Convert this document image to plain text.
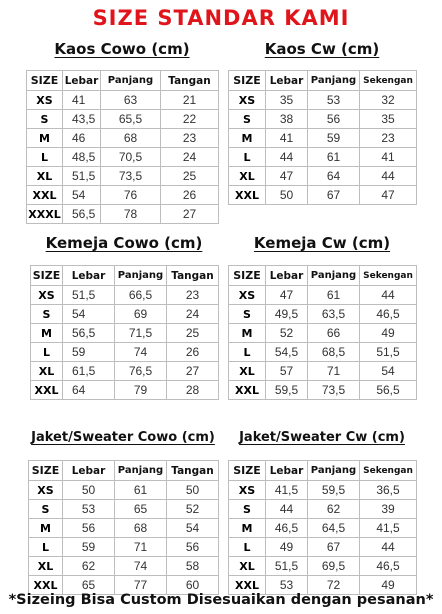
SIZE STANDAR KAMI
Kaos Cowo (cm)
SIZE	Lebar	Panjang	Tangan
XS	41	63	21
S	43,5	65,5	22
M	46	68	23
L	48,5	70,5	24
XL	51,5	73,5	25
XXL	54	76	26
XXXL	56,5	78	27
Kaos Cw (cm)
SIZE	Lebar	Panjang	Sekengan
XS	35	53	32
S	38	56	35
M	41	59	23
L	44	61	41
XL	47	64	44
XXL	50	67	47
Kemeja Cowo (cm)
SIZE	Lebar	Panjang	Tangan
XS	51,5	66,5	23
S	54	69	24
M	56,5	71,5	25
L	59	74	26
XL	61,5	76,5	27
XXL	64	79	28
Kemeja Cw (cm)
SIZE	Lebar	Panjang	Sekengan
XS	47	61	44
S	49,5	63,5	46,5
M	52	66	49
L	54,5	68,5	51,5
XL	57	71	54
XXL	59,5	73,5	56,5
Jaket/Sweater Cowo (cm)
SIZE	Lebar	Panjang	Tangan
XS	50	61	50
S	53	65	52
M	56	68	54
L	59	71	56
XL	62	74	58
XXL	65	77	60
Jaket/Sweater Cw (cm)
SIZE	Lebar	Panjang	Sekengan
XS	41,5	59,5	36,5
S	44	62	39
M	46,5	64,5	41,5
L	49	67	44
XL	51,5	69,5	46,5
XXL	53	72	49
*Sizeing Bisa Custom Disesuaikan dengan pesanan*
